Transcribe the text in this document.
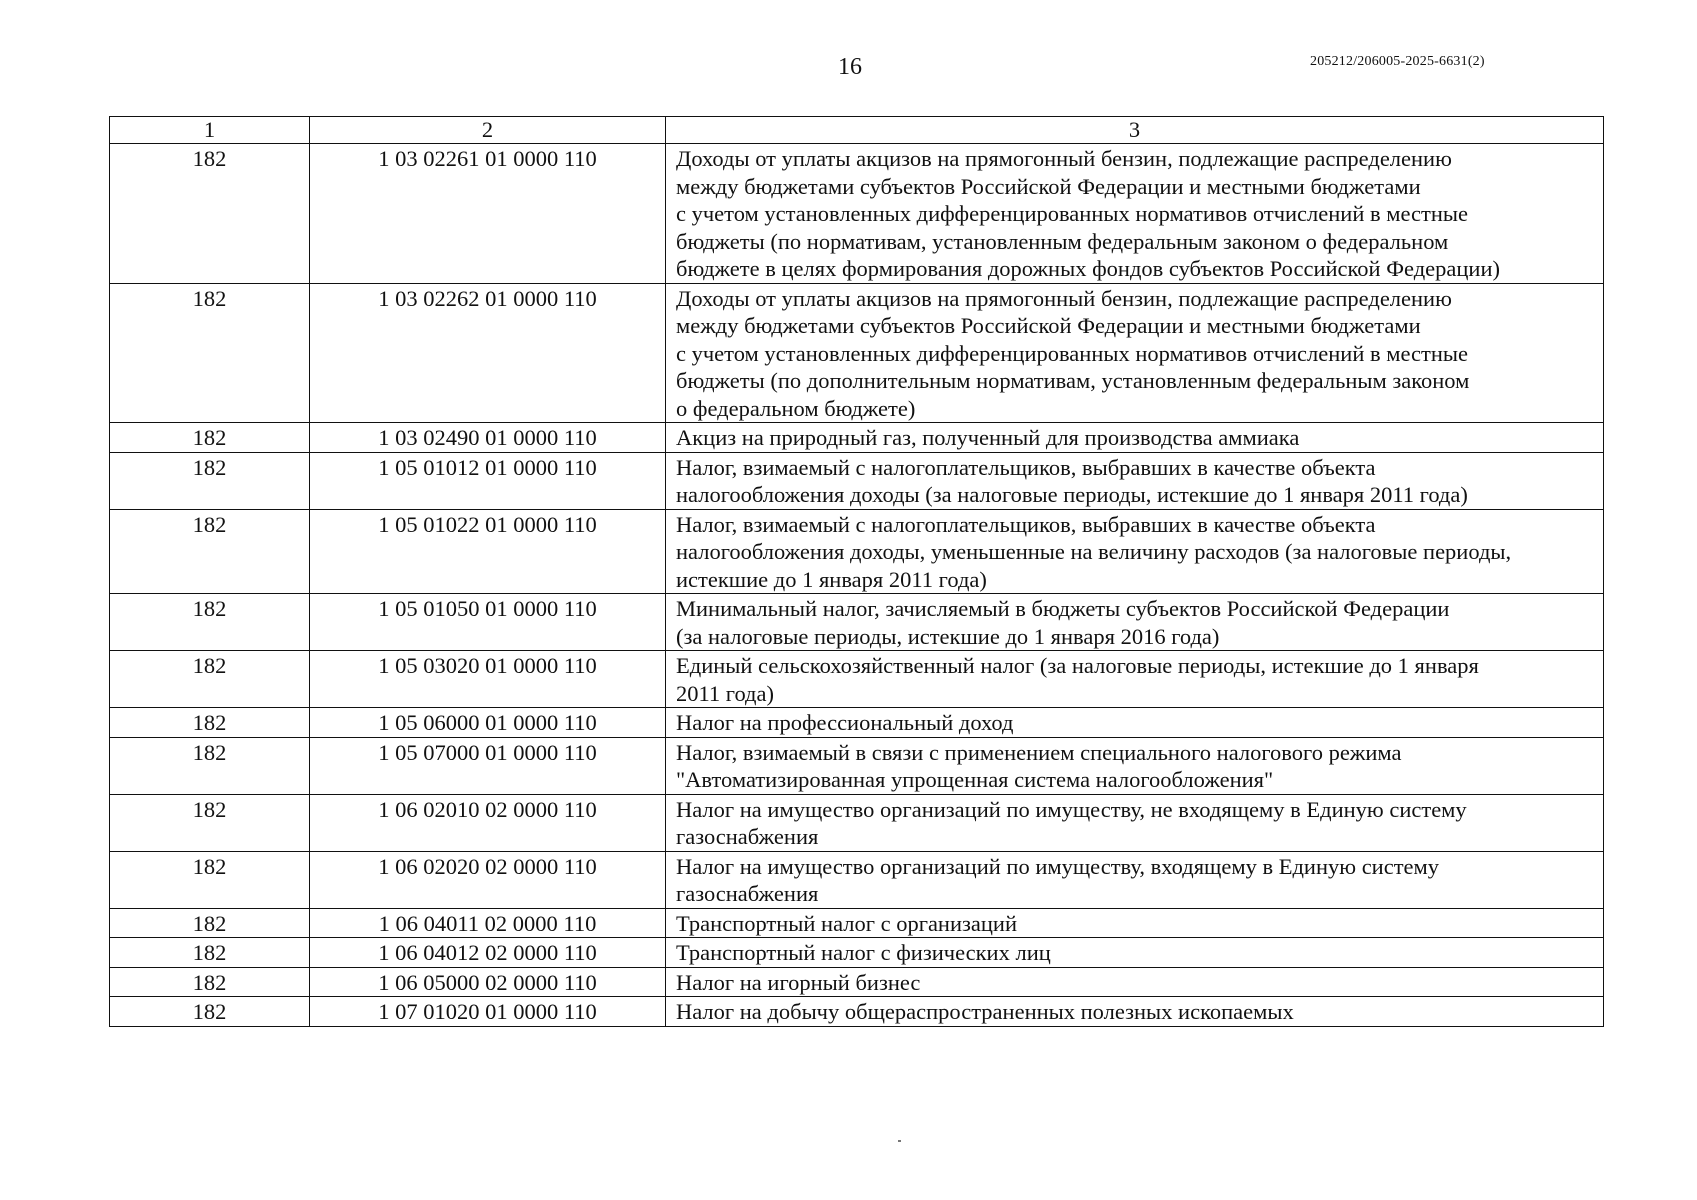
16	205212/206005-2025-6631(2)
1	2	3
182	1 03 02261 01 0000 110	Доходы от уплаты акцизов на прямогонный бензин, подлежащие распределению
между бюджетами субъектов Российской Федерации и местными бюджетами
с учетом установленных дифференцированных нормативов отчислений в местные
бюджеты (по нормативам, установленным федеральным законом о федеральном
бюджете в целях формирования дорожных фондов субъектов Российской Федерации)

182	1 03 02262 01 0000 110	Доходы от уплаты акцизов на прямогонный бензин, подлежащие распределению
между бюджетами субъектов Российской Федерации и местными бюджетами
с учетом установленных дифференцированных нормативов отчислений в местные
бюджеты (по дополнительным нормативам, установленным федеральным законом
о федеральном бюджете)

182	1 03 02490 01 0000 110	Акциз на природный газ, полученный для производства аммиака

182	1 05 01012 01 0000 110	Налог, взимаемый с налогоплательщиков, выбравших в качестве объекта
налогообложения доходы (за налоговые периоды, истекшие до 1 января 2011 года)

182	1 05 01022 01 0000 110	Налог, взимаемый с налогоплательщиков, выбравших в качестве объекта
налогообложения доходы, уменьшенные на величину расходов (за налоговые периоды,
истекшие до 1 января 2011 года)

182	1 05 01050 01 0000 110	Минимальный налог, зачисляемый в бюджеты субъектов Российской Федерации
(за налоговые периоды, истекшие до 1 января 2016 года)

182	1 05 03020 01 0000 110	Единый сельскохозяйственный налог (за налоговые периоды, истекшие до 1 января
2011 года)

182	1 05 06000 01 0000 110	Налог на профессиональный доход

182	1 05 07000 01 0000 110	Налог, взимаемый в связи с применением специального налогового режима
"Автоматизированная упрощенная система налогообложения"

182	1 06 02010 02 0000 110	Налог на имущество организаций по имуществу, не входящему в Единую систему
газоснабжения

182	1 06 02020 02 0000 110	Налог на имущество организаций по имуществу, входящему в Единую систему
газоснабжения

182	1 06 04011 02 0000 110	Транспортный налог с организаций

182	1 06 04012 02 0000 110	Транспортный налог с физических лиц

182	1 06 05000 02 0000 110	Налог на игорный бизнес

182	1 07 01020 01 0000 110	Налог на добычу общераспространенных полезных ископаемых
